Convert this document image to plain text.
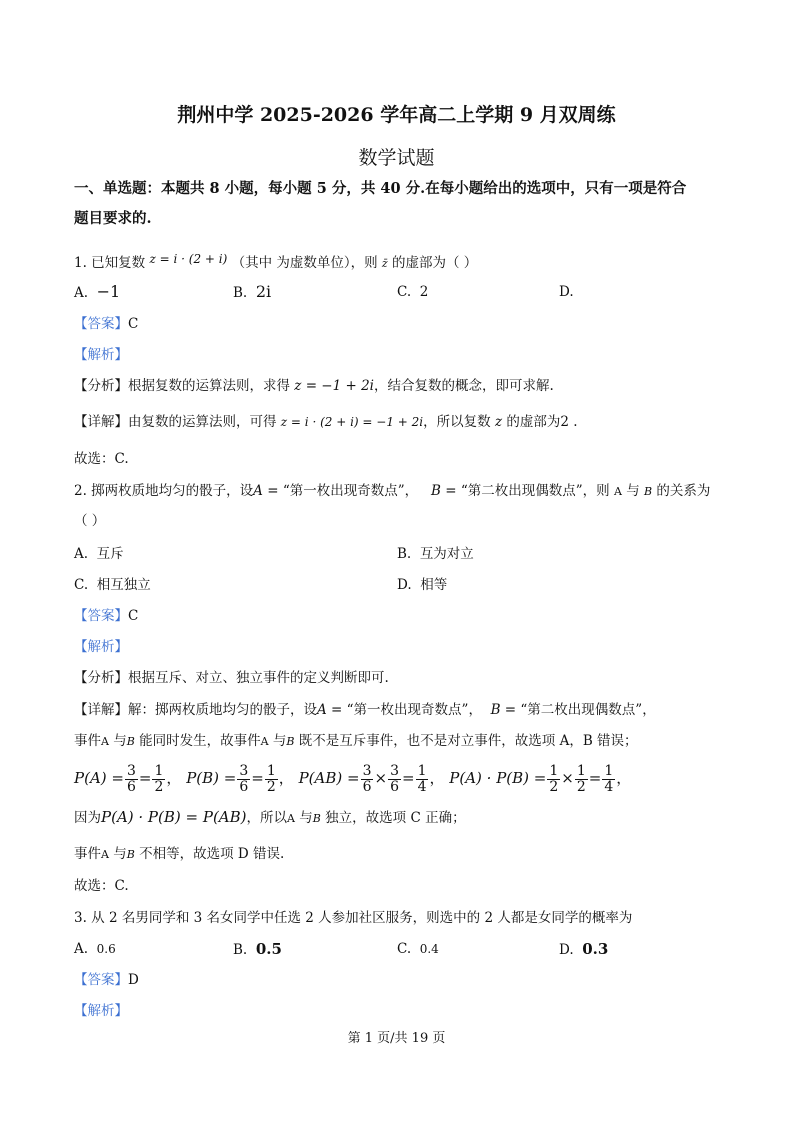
荆州中学 2025-2026 学年高二上学期 9 月双周练
数学试题
一、单选题：本题共 8 小题，每小题 5 分，共 40 分.在每小题给出的选项中，只有一项是符合
题目要求的.
1. 已知复数 z = i · (2 + i) （其中 为虚数单位），则 z̄ 的虚部为（ ）
A. −1	B. 2i	C. 2	D.
【答案】C
【解析】
【分析】根据复数的运算法则，求得 z = −1 + 2i，结合复数的概念，即可求解.
【详解】由复数的运算法则，可得 z = i · (2 + i) = −1 + 2i，所以复数 z 的虚部为2 .
故选：C.
2. 掷两枚质地均匀的骰子，设A = “第一枚出现奇数点”， B = “第二枚出现偶数点”，则 A 与 B 的关系为
（ ）
A. 互斥	B. 互为对立
C. 相互独立	D. 相等
【答案】C
【解析】
【分析】根据互斥、对立、独立事件的定义判断即可.
【详解】解：掷两枚质地均匀的骰子，设A = “第一枚出现奇数点”， B = “第二枚出现偶数点”，
事件A 与B 能同时发生，故事件A 与B 既不是互斥事件，也不是对立事件，故选项 A，B 错误；
$P(A) = \frac{3}{6} = \frac{1}{2}$ ， $P(B) = \frac{3}{6} = \frac{1}{2}$ ， $P(AB) = \frac{3}{6} \times \frac{3}{6} = \frac{1}{4}$ ， $P(A) \cdot P(B) = \frac{1}{2} \times \frac{1}{2} = \frac{1}{4}$ ，
因为P(A) · P(B) = P(AB)，所以A 与B 独立，故选项 C 正确；
事件A 与B 不相等，故选项 D 错误.
故选：C.
3. 从 2 名男同学和 3 名女同学中任选 2 人参加社区服务，则选中的 2 人都是女同学的概率为
A. 0.6	B. 0.5	C. 0.4	D. 0.3
【答案】D
【解析】
第 1 页/共 19 页
